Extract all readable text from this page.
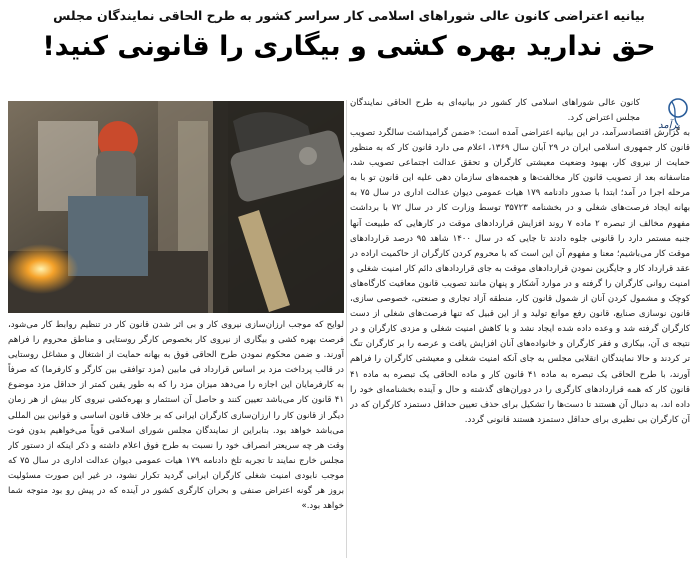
بیانیه اعتراضی کانون عالی شوراهای اسلامی کار سراسر کشور به طرح الحاقی نمایندگان مجلس
حق ندارید بهره کشی و بیگاری را قانونی کنید!
برآمد

کانون عالی شوراهای اسلامی کار کشور در بیانیه‌ای به طرح الحاقی نمایندگان مجلس اعتراض کرد.

به گزارش اقتصادسرآمد، در این بیانیه اعتراضی آمده است: «ضمن گرامیداشت سالگرد تصویب قانون کار جمهوری اسلامی ایران در ۲۹ آبان سال ۱۳۶۹، اعلام می دارد قانون کار که به منظور حمایت از نیروی کار، بهبود وضعیت معیشتی کارگران و تحقق عدالت اجتماعی تصویب شد، متاسفانه بعد از تصویب قانون کار مخالفت‌ها و هجمه‌های سازمان دهی علیه این قانون تو با به مرحله اجرا در آمد؛ ابتدا با صدور دادنامه ۱۷۹ هیات عمومی دیوان عدالت اداری در سال ۷۵ به بهانه ایجاد فرصت‌های شغلی و در بخشنامه ۳۵۷۲۳ توسط وزارت کار در سال ۷۲ با برداشت مفهوم مخالف از تبصره ۲ ماده ۷ روند افزایش قراردادهای موقت در کارهایی که طبیعت آنها جنبه مستمر دارد را قانونی جلوه دادند تا جایی که در سال ۱۴۰۰ شاهد ۹۵ درصد قراردادهای موقت کار می‌باشیم؛ معنا و مفهوم آن این است که با محروم کردن کارگران از حاکمیت اراده در عقد قرارداد کار و جایگزین نمودن قراردادهای موقت به جای قراردادهای دائم کار امنیت شغلی و امنیت روانی کارگران را گرفته و در موارد آشکار و پنهان مانند تصویب قانون معافیت کارگاه‌های کوچک و مشمول کردن آنان از شمول قانون کار، منطقه آزاد تجاری و صنعتی، خصوصی سازی، قانون نوسازی صنایع، قانون رفع موانع تولید و از این قبیل که تنها فرصت‌های شغلی از دست کارگران گرفته شد و وعده داده شده ایجاد نشد و با کاهش امنیت شغلی و مزدی کارگران و در نتیجه ی آن، بیکاری و فقر کارگران و خانواده‌های آنان افزایش یافت و عرصه را بر کارگران تنگ تر کردند و حالا نمایندگان انقلابی مجلس به جای آنکه امنیت شغلی و معیشتی کارگران را فراهم آورند، با طرح الحاقی یک تبصره به ماده ۴۱ قانون کار و ماده الحاقی یک تبصره به ماده ۴۱ قانون کار که همه قراردادهای کارگری را در دوران‌های گذشته و حال و آینده بخشنامه‌ای خود را داده اند، به دنبال آن هستند تا دست‌ها را تشکیل برای حذف تعیین حداقل دستمزد کارگران که در آن کارگران بی نظیری برای حداقل دستمزد هستند قانونی گردد.

لوایح که موجب ارزان‌سازی نیروی کار و بی اثر شدن قانون کار در تنظیم روابط کار می‌شود، فرصت بهره کشی و بیگاری از نیروی کار بخصوص کارگر روستایی و مناطق محروم را فراهم آورند. و ضمن محکوم نمودن طرح الحاقی فوق به بهانه حمایت از اشتغال و مشاغل روستایی در قالب پرداخت مزد بر اساس قرارداد فی مابین (مزد توافقی بین کارگر و کارفرما) که صرفاً به کارفرمایان این اجازه را می‌دهد میزان مزد را که به طور یقین کمتر از حداقل مزد موضوع ۴۱ قانون کار می‌باشد تعیین کنند و حاصل آن استثمار و بهره‌کشی نیروی کار بیش از هر زمان دیگر از قانون کار را ارزان‌سازی کارگران ایرانی که بر خلاف قانون اساسی و قوانین بین المللی می‌باشد خواهد بود. بنابراین از نمایندگان مجلس شورای اسلامی قویاً می‌خواهیم بدون فوت وقت هر چه سریعتر انصراف خود را نسبت به طرح فوق اعلام داشته و ذکر اینکه از دستور کار مجلس خارج نمایند تا تجربه تلخ دادنامه ۱۷۹ هیات عمومی دیوان عدالت اداری در سال ۷۵ که موجب نابودی امنیت شغلی کارگران ایرانی گردید تکرار نشود، در غیر این صورت مسئولیت بروز هر گونه اعتراض صنفی و بحران کارگری کشور در آینده که در پیش رو بود متوجه شما خواهد بود.»
